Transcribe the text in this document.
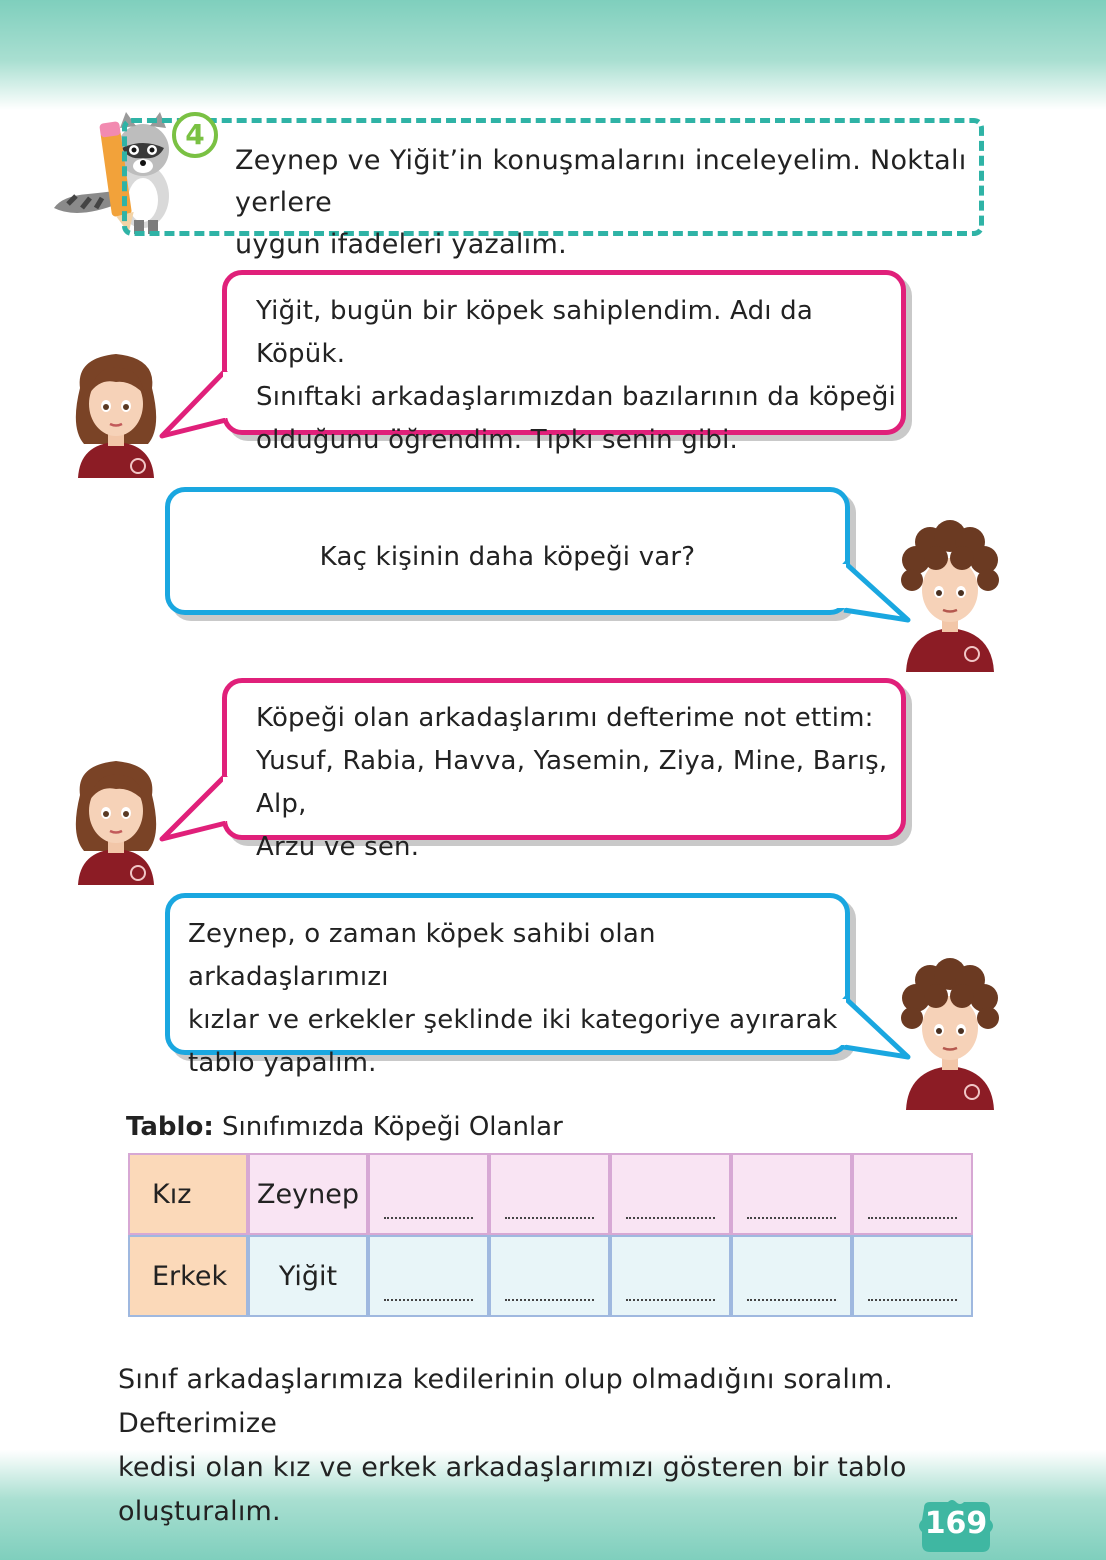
4
Zeynep ve Yiğit’in konuşmalarını inceleyelim. Noktalı yerlere
uygun ifadeleri yazalım.
Yiğit, bugün bir köpek sahiplendim. Adı da Köpük.
Sınıftaki arkadaşlarımızdan bazılarının da köpeği
olduğunu öğrendim. Tıpkı senin gibi.
Kaç kişinin daha köpeği var?
Köpeği olan arkadaşlarımı defterime not ettim:
Yusuf, Rabia, Havva, Yasemin, Ziya, Mine, Barış, Alp,
Arzu ve sen.
Zeynep, o zaman köpek sahibi olan arkadaşlarımızı
kızlar ve erkekler şeklinde iki kategoriye ayırarak
tablo yapalım.
Tablo: Sınıfımızda Köpeği Olanlar
Kız	Zeynep	

Erkek	Yiğit	

Sınıf arkadaşlarımıza kedilerinin olup olmadığını soralım. Defterimize
kedisi olan kız ve erkek arkadaşlarımızı gösteren bir tablo oluşturalım.	169
